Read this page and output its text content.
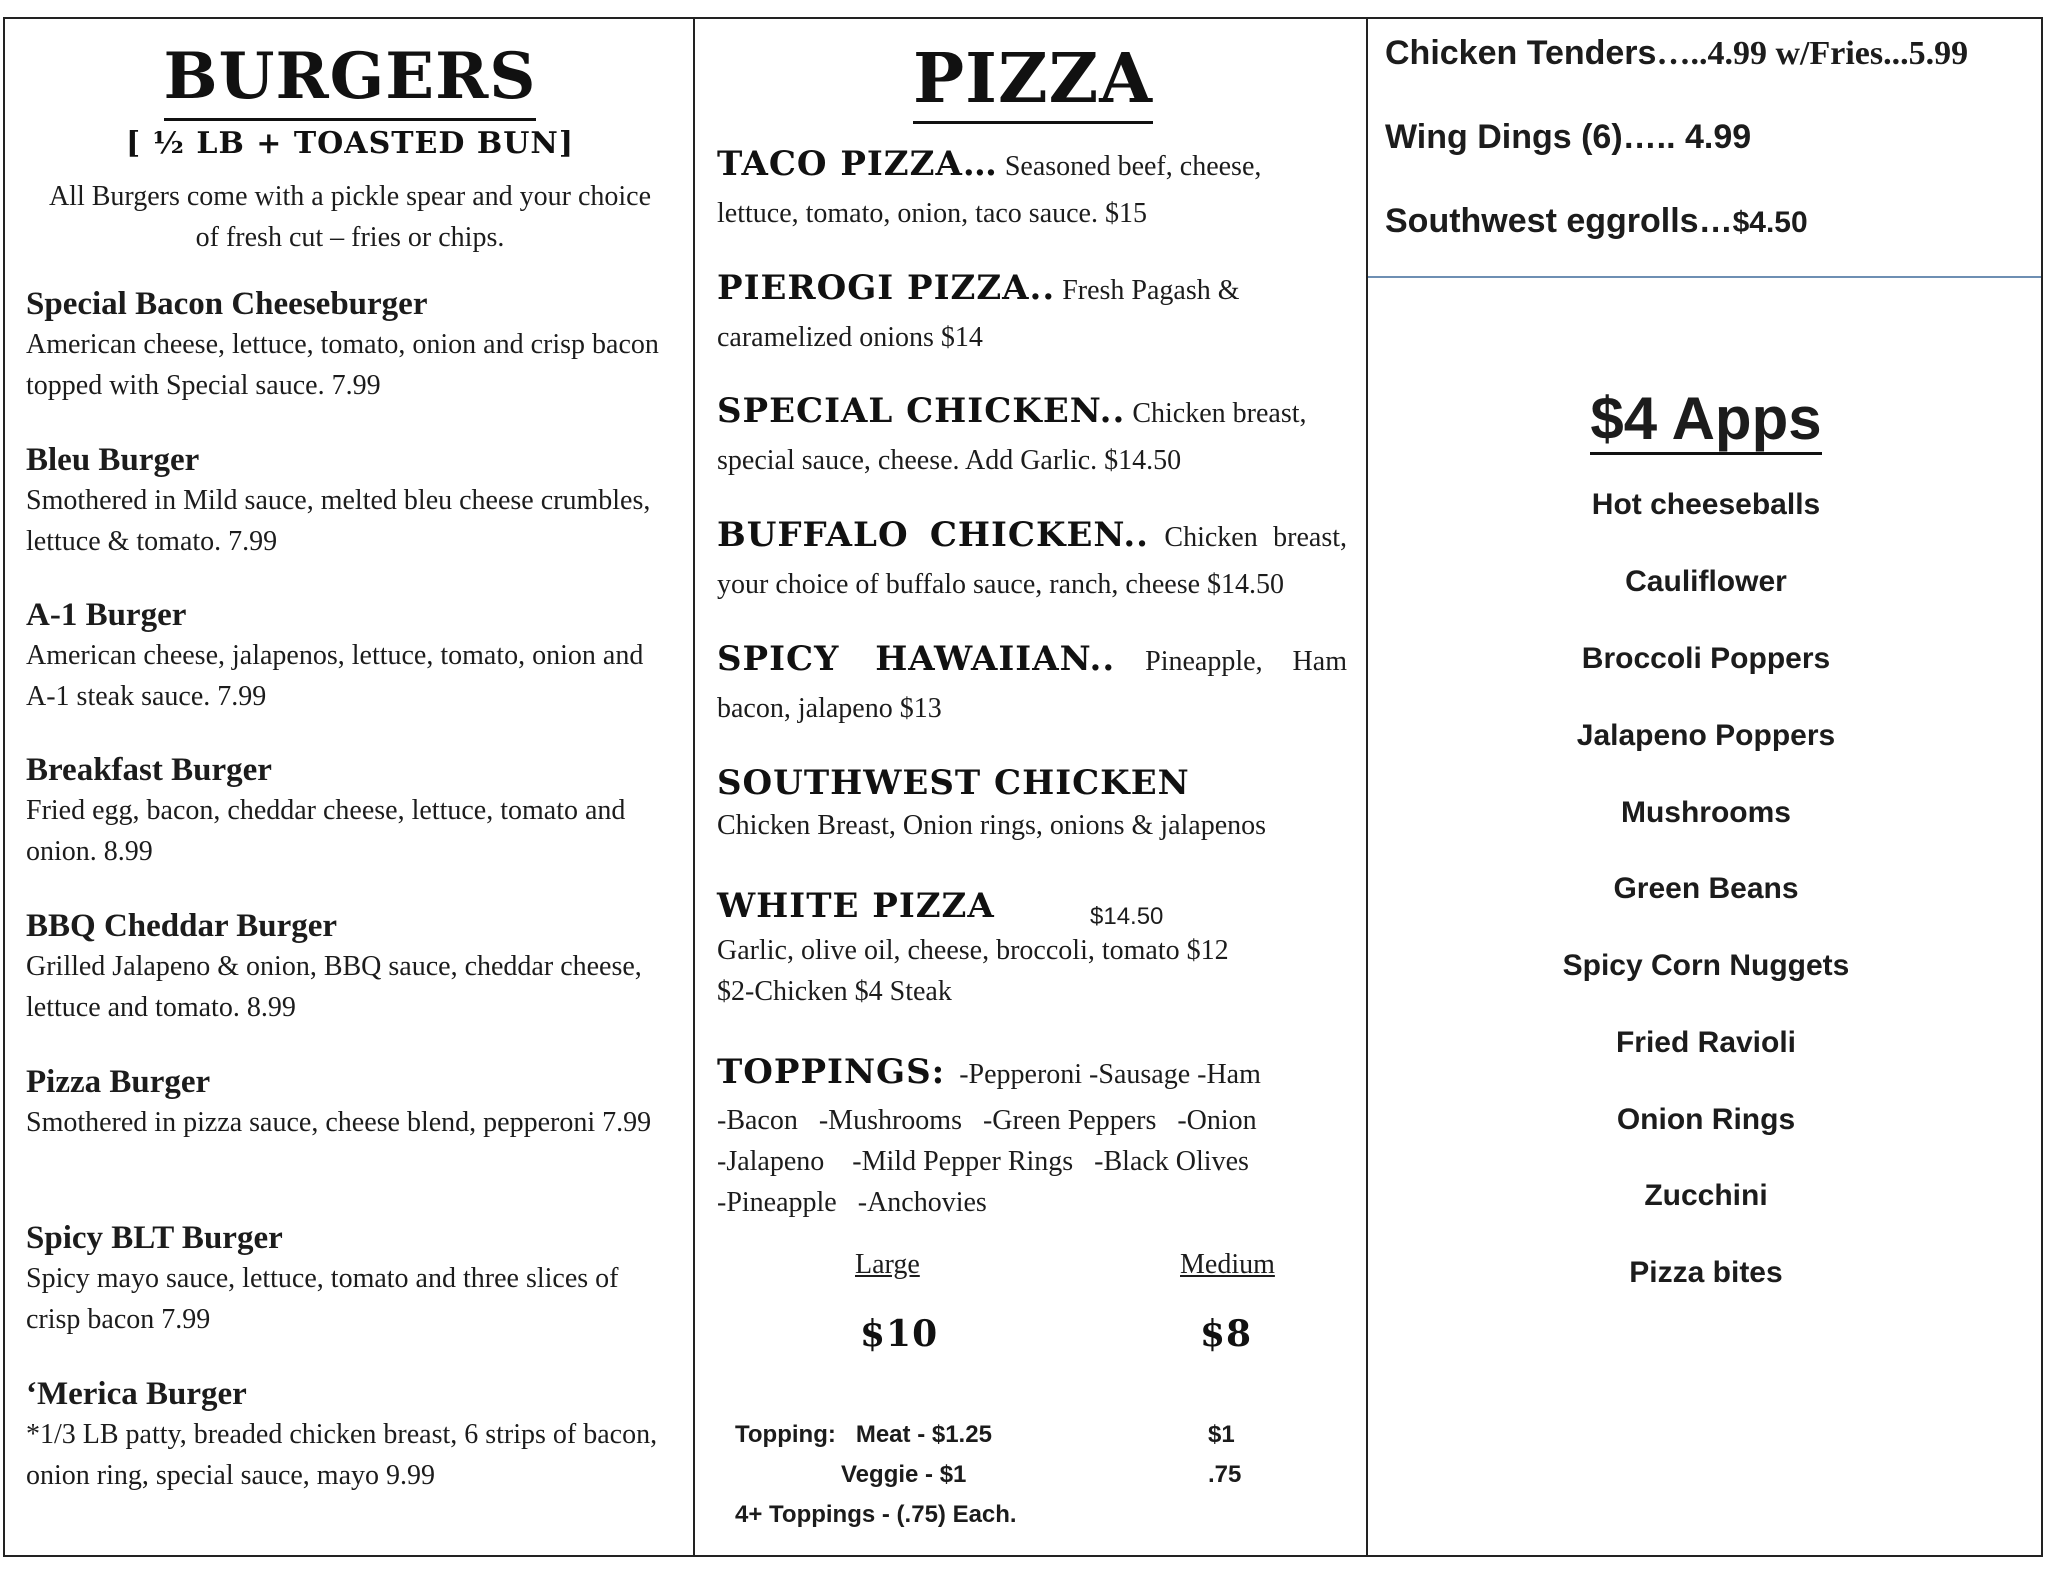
BURGERS
[ ½ LB + TOASTED BUN]
All Burgers come with a pickle spear and your choice of fresh cut – fries or chips.
Special Bacon Cheeseburger
American cheese, lettuce, tomato, onion and crisp bacon topped with Special sauce. 7.99
Bleu Burger
Smothered in Mild sauce, melted bleu cheese crumbles, lettuce & tomato. 7.99
A-1 Burger
American cheese, jalapenos, lettuce, tomato, onion and A-1 steak sauce. 7.99
Breakfast Burger
Fried egg, bacon, cheddar cheese, lettuce, tomato and onion. 8.99
BBQ Cheddar Burger
Grilled Jalapeno & onion, BBQ sauce, cheddar cheese, lettuce and tomato. 8.99
Pizza Burger
Smothered in pizza sauce, cheese blend, pepperoni 7.99
Spicy BLT Burger
Spicy mayo sauce, lettuce, tomato and three slices of crisp bacon 7.99
‘Merica Burger
*1/3 LB patty, breaded chicken breast, 6 strips of bacon, onion ring, special sauce, mayo 9.99
PIZZA
TACO PIZZA… Seasoned beef, cheese, lettuce, tomato, onion, taco sauce. $15
PIEROGI PIZZA.. Fresh Pagash & caramelized onions $14
SPECIAL CHICKEN.. Chicken breast, special sauce, cheese. Add Garlic. $14.50
BUFFALO CHICKEN.. Chicken breast, your choice of buffalo sauce, ranch, cheese $14.50
SPICY HAWAIIAN.. Pineapple, Ham bacon, jalapeno $13
SOUTHWEST CHICKEN
Chicken Breast, Onion rings, onions & jalapenos
WHITE PIZZA
Garlic, olive oil, cheese, broccoli, tomato $12
$2-Chicken $4 Steak
$14.50
TOPPINGS: -Pepperoni -Sausage -Ham
-Bacon   -Mushrooms   -Green Peppers   -Onion
-Jalapeno    -Mild Pepper Rings   -Black Olives
-Pineapple   -Anchovies
Large	Medium
$10	$8
Topping:   Meat - $1.25	$1
Veggie - $1	.75
4+ Toppings - (.75) Each.
Chicken Tenders…..4.99 w/Fries...5.99
Wing Dings (6)….. 4.99
Southwest eggrolls…$4.50
$4 Apps
Hot cheeseballs
Cauliflower
Broccoli Poppers
Jalapeno Poppers
Mushrooms
Green Beans
Spicy Corn Nuggets
Fried Ravioli
Onion Rings
Zucchini
Pizza bites
